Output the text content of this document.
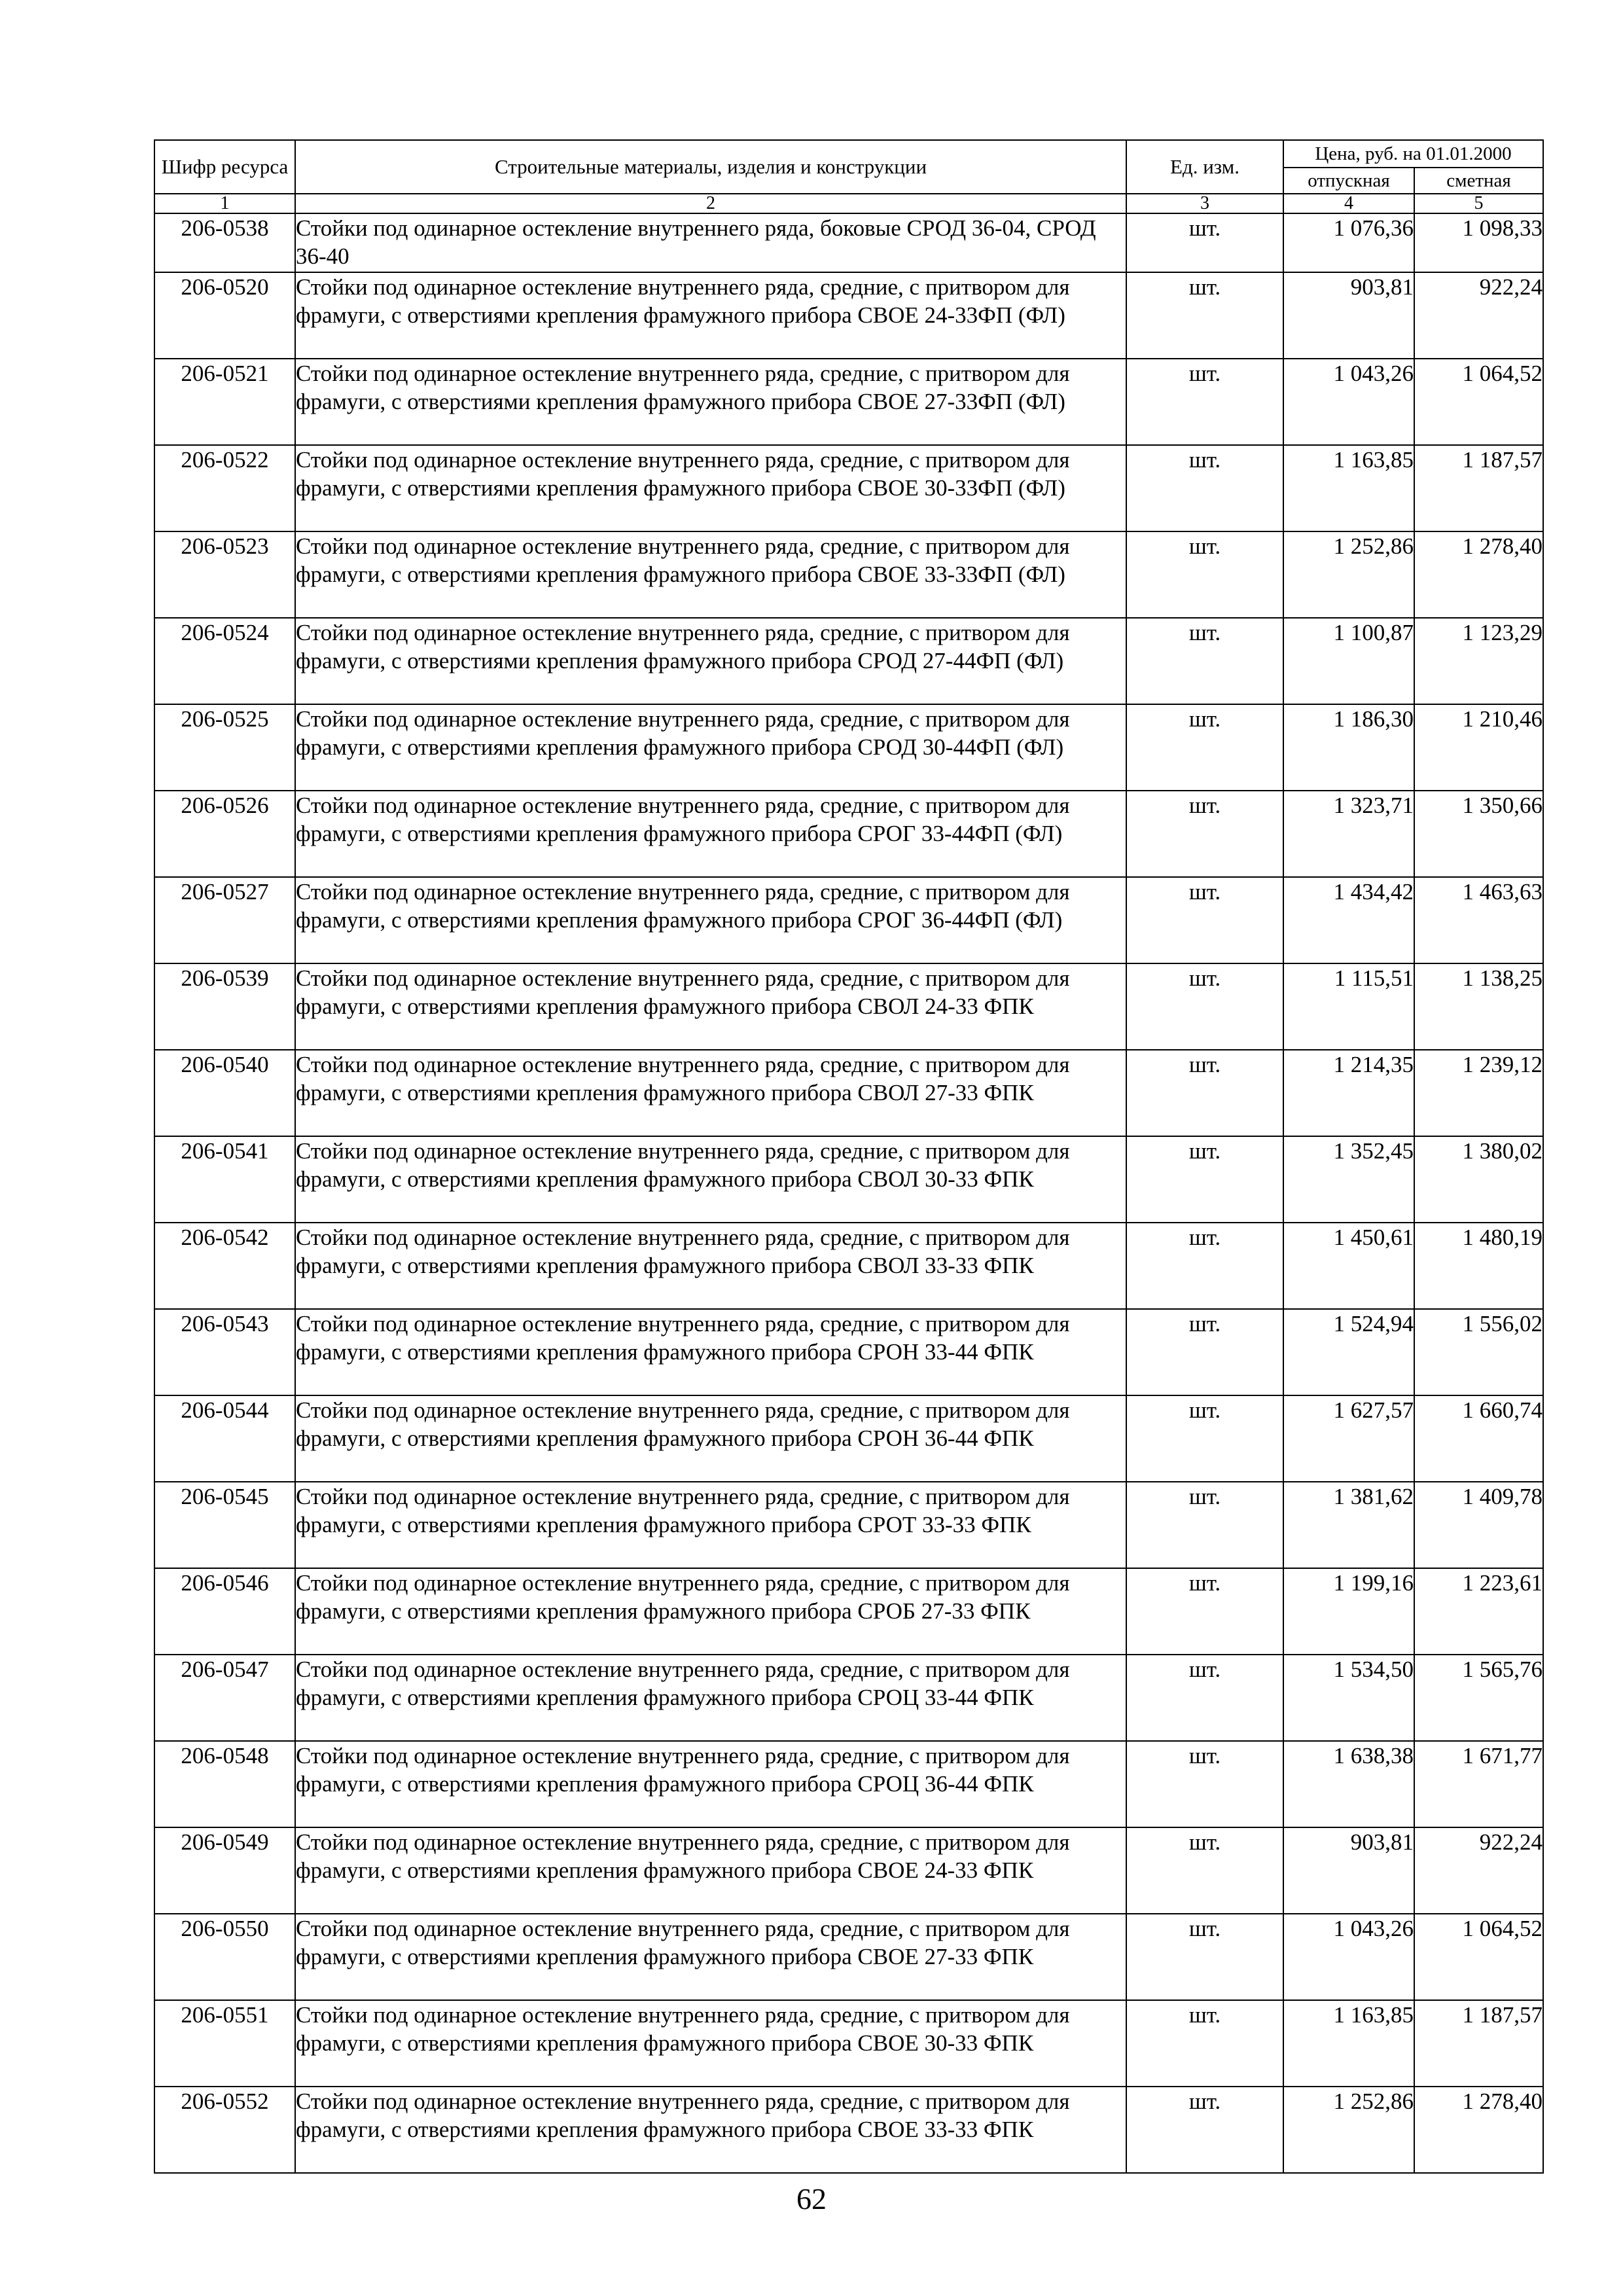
Шифр ресурса	Строительные материалы, изделия и конструкции	Ед. изм.	Цена, руб. на 01.01.2000	
			отпускная	сметная
1	2	3	4	5
206-0538	Стойки под одинарное остекление внутреннего ряда, боковые СРОД 36-04, СРОД 36-40	шт.	1 076,36	1 098,33
206-0520	Стойки под одинарное остекление внутреннего ряда, средние, с притвором для фрамуги, с отверстиями крепления фрамужного прибора СВОЕ 24-33ФП (ФЛ)	шт.	903,81	922,24
206-0521	Стойки под одинарное остекление внутреннего ряда, средние, с притвором для фрамуги, с отверстиями крепления фрамужного прибора СВОЕ 27-33ФП (ФЛ)	шт.	1 043,26	1 064,52
206-0522	Стойки под одинарное остекление внутреннего ряда, средние, с притвором для фрамуги, с отверстиями крепления фрамужного прибора СВОЕ 30-33ФП (ФЛ)	шт.	1 163,85	1 187,57
206-0523	Стойки под одинарное остекление внутреннего ряда, средние, с притвором для фрамуги, с отверстиями крепления фрамужного прибора СВОЕ 33-33ФП (ФЛ)	шт.	1 252,86	1 278,40
206-0524	Стойки под одинарное остекление внутреннего ряда, средние, с притвором для фрамуги, с отверстиями крепления фрамужного прибора СРОД 27-44ФП (ФЛ)	шт.	1 100,87	1 123,29
206-0525	Стойки под одинарное остекление внутреннего ряда, средние, с притвором для фрамуги, с отверстиями крепления фрамужного прибора СРОД 30-44ФП (ФЛ)	шт.	1 186,30	1 210,46
206-0526	Стойки под одинарное остекление внутреннего ряда, средние, с притвором для фрамуги, с отверстиями крепления фрамужного прибора СРОГ 33-44ФП (ФЛ)	шт.	1 323,71	1 350,66
206-0527	Стойки под одинарное остекление внутреннего ряда, средние, с притвором для фрамуги, с отверстиями крепления фрамужного прибора СРОГ 36-44ФП (ФЛ)	шт.	1 434,42	1 463,63
206-0539	Стойки под одинарное остекление внутреннего ряда, средние, с притвором для фрамуги, с отверстиями крепления фрамужного прибора СВОЛ 24-33 ФПК	шт.	1 115,51	1 138,25
206-0540	Стойки под одинарное остекление внутреннего ряда, средние, с притвором для фрамуги, с отверстиями крепления фрамужного прибора СВОЛ 27-33 ФПК	шт.	1 214,35	1 239,12
206-0541	Стойки под одинарное остекление внутреннего ряда, средние, с притвором для фрамуги, с отверстиями крепления фрамужного прибора СВОЛ 30-33 ФПК	шт.	1 352,45	1 380,02
206-0542	Стойки под одинарное остекление внутреннего ряда, средние, с притвором для фрамуги, с отверстиями крепления фрамужного прибора СВОЛ 33-33 ФПК	шт.	1 450,61	1 480,19
206-0543	Стойки под одинарное остекление внутреннего ряда, средние, с притвором для фрамуги, с отверстиями крепления фрамужного прибора СРОН 33-44 ФПК	шт.	1 524,94	1 556,02
206-0544	Стойки под одинарное остекление внутреннего ряда, средние, с притвором для фрамуги, с отверстиями крепления фрамужного прибора СРОН 36-44 ФПК	шт.	1 627,57	1 660,74
206-0545	Стойки под одинарное остекление внутреннего ряда, средние, с притвором для фрамуги, с отверстиями крепления фрамужного прибора СРОТ 33-33 ФПК	шт.	1 381,62	1 409,78
206-0546	Стойки под одинарное остекление внутреннего ряда, средние, с притвором для фрамуги, с отверстиями крепления фрамужного прибора СРОБ 27-33 ФПК	шт.	1 199,16	1 223,61
206-0547	Стойки под одинарное остекление внутреннего ряда, средние, с притвором для фрамуги, с отверстиями крепления фрамужного прибора СРОЦ 33-44 ФПК	шт.	1 534,50	1 565,76
206-0548	Стойки под одинарное остекление внутреннего ряда, средние, с притвором для фрамуги, с отверстиями крепления фрамужного прибора СРОЦ 36-44 ФПК	шт.	1 638,38	1 671,77
206-0549	Стойки под одинарное остекление внутреннего ряда, средние, с притвором для фрамуги, с отверстиями крепления фрамужного прибора СВОЕ 24-33 ФПК	шт.	903,81	922,24
206-0550	Стойки под одинарное остекление внутреннего ряда, средние, с притвором для фрамуги, с отверстиями крепления фрамужного прибора СВОЕ 27-33 ФПК	шт.	1 043,26	1 064,52
206-0551	Стойки под одинарное остекление внутреннего ряда, средние, с притвором для фрамуги, с отверстиями крепления фрамужного прибора СВОЕ 30-33 ФПК	шт.	1 163,85	1 187,57
206-0552	Стойки под одинарное остекление внутреннего ряда, средние, с притвором для фрамуги, с отверстиями крепления фрамужного прибора СВОЕ 33-33 ФПК	шт.	1 252,86	1 278,40
62
